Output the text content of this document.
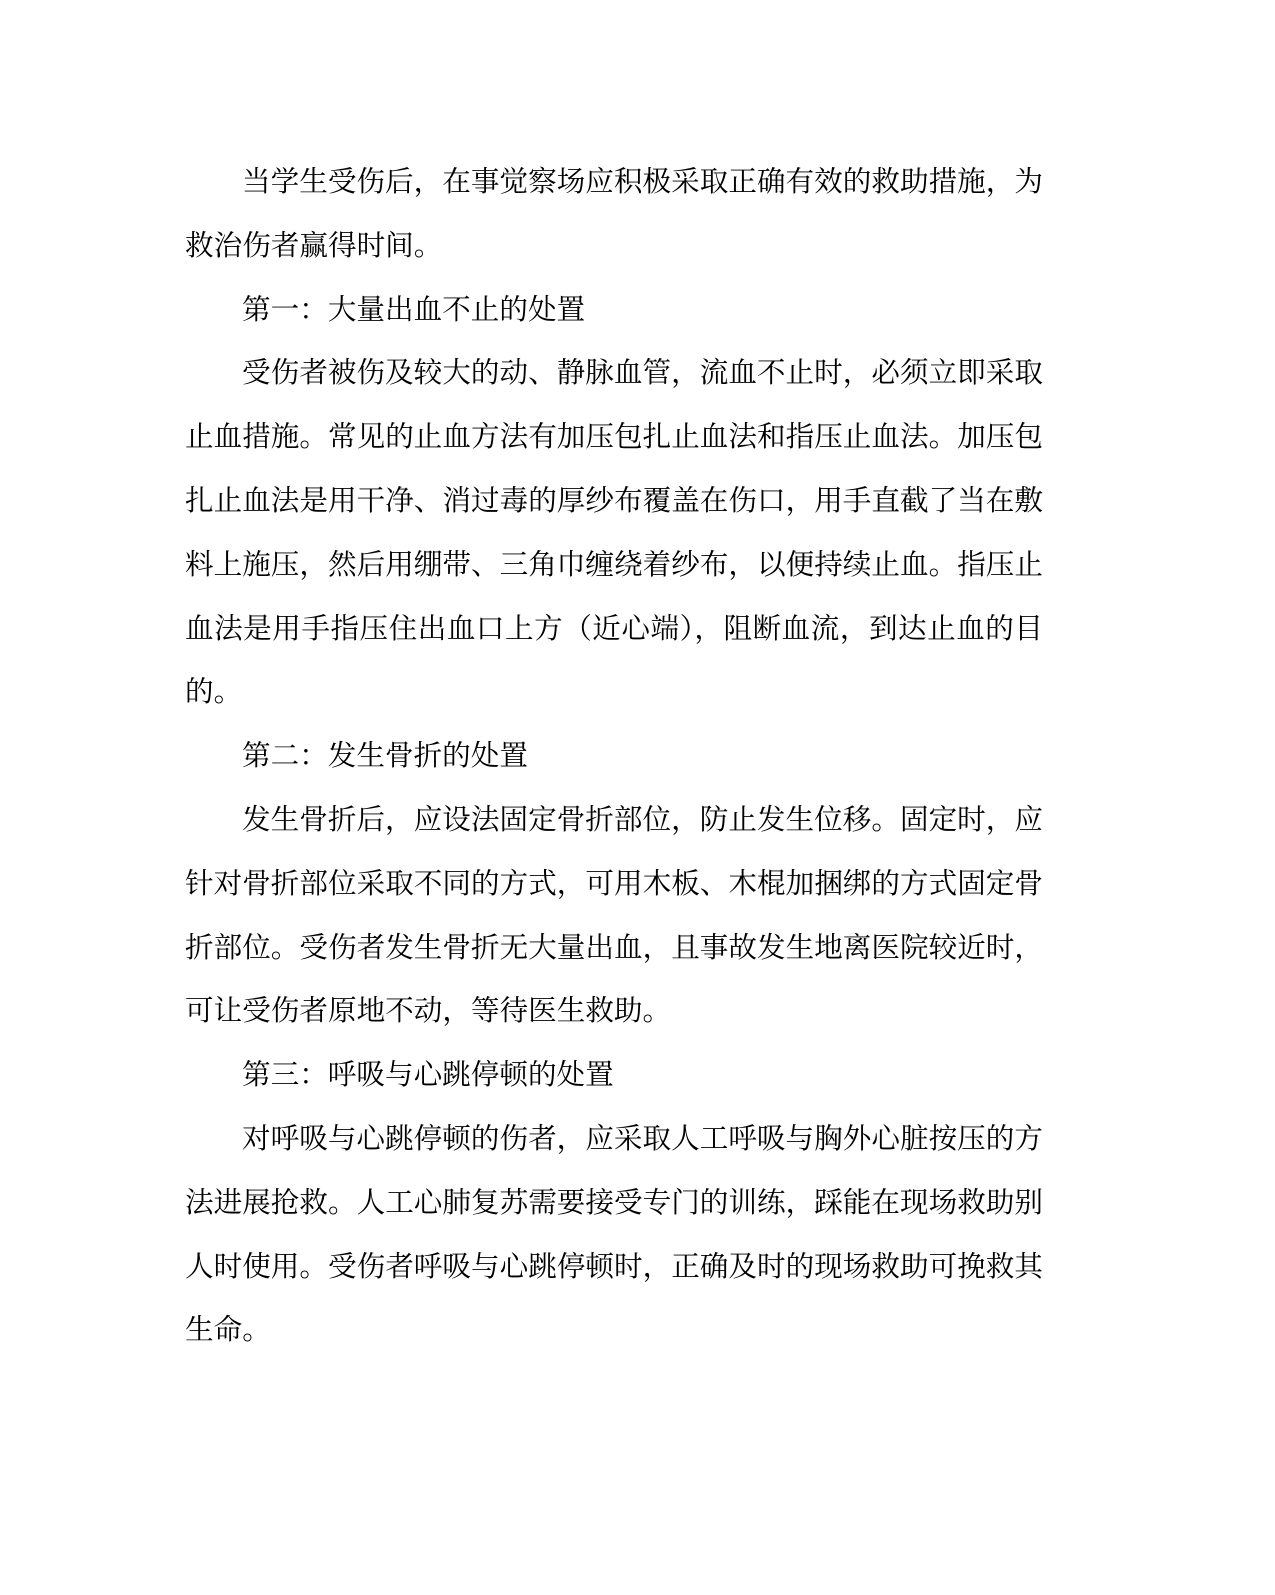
当学生受伤后，在事觉察场应积极采取正确有效的救助措施，为
救治伤者赢得时间。
第一：大量出血不止的处置
受伤者被伤及较大的动、静脉血管，流血不止时，必须立即采取
止血措施。常见的止血方法有加压包扎止血法和指压止血法。加压包
扎止血法是用干净、消过毒的厚纱布覆盖在伤口，用手直截了当在敷
料上施压，然后用绷带、三角巾缠绕着纱布，以便持续止血。指压止
血法是用手指压住出血口上方（近心端），阻断血流，到达止血的目
的。
第二：发生骨折的处置
发生骨折后，应设法固定骨折部位，防止发生位移。固定时，应
针对骨折部位采取不同的方式，可用木板、木棍加捆绑的方式固定骨
折部位。受伤者发生骨折无大量出血，且事故发生地离医院较近时，
可让受伤者原地不动，等待医生救助。
第三：呼吸与心跳停顿的处置
对呼吸与心跳停顿的伤者，应采取人工呼吸与胸外心脏按压的方
法进展抢救。人工心肺复苏需要接受专门的训练，踩能在现场救助别
人时使用。受伤者呼吸与心跳停顿时，正确及时的现场救助可挽救其
生命。
